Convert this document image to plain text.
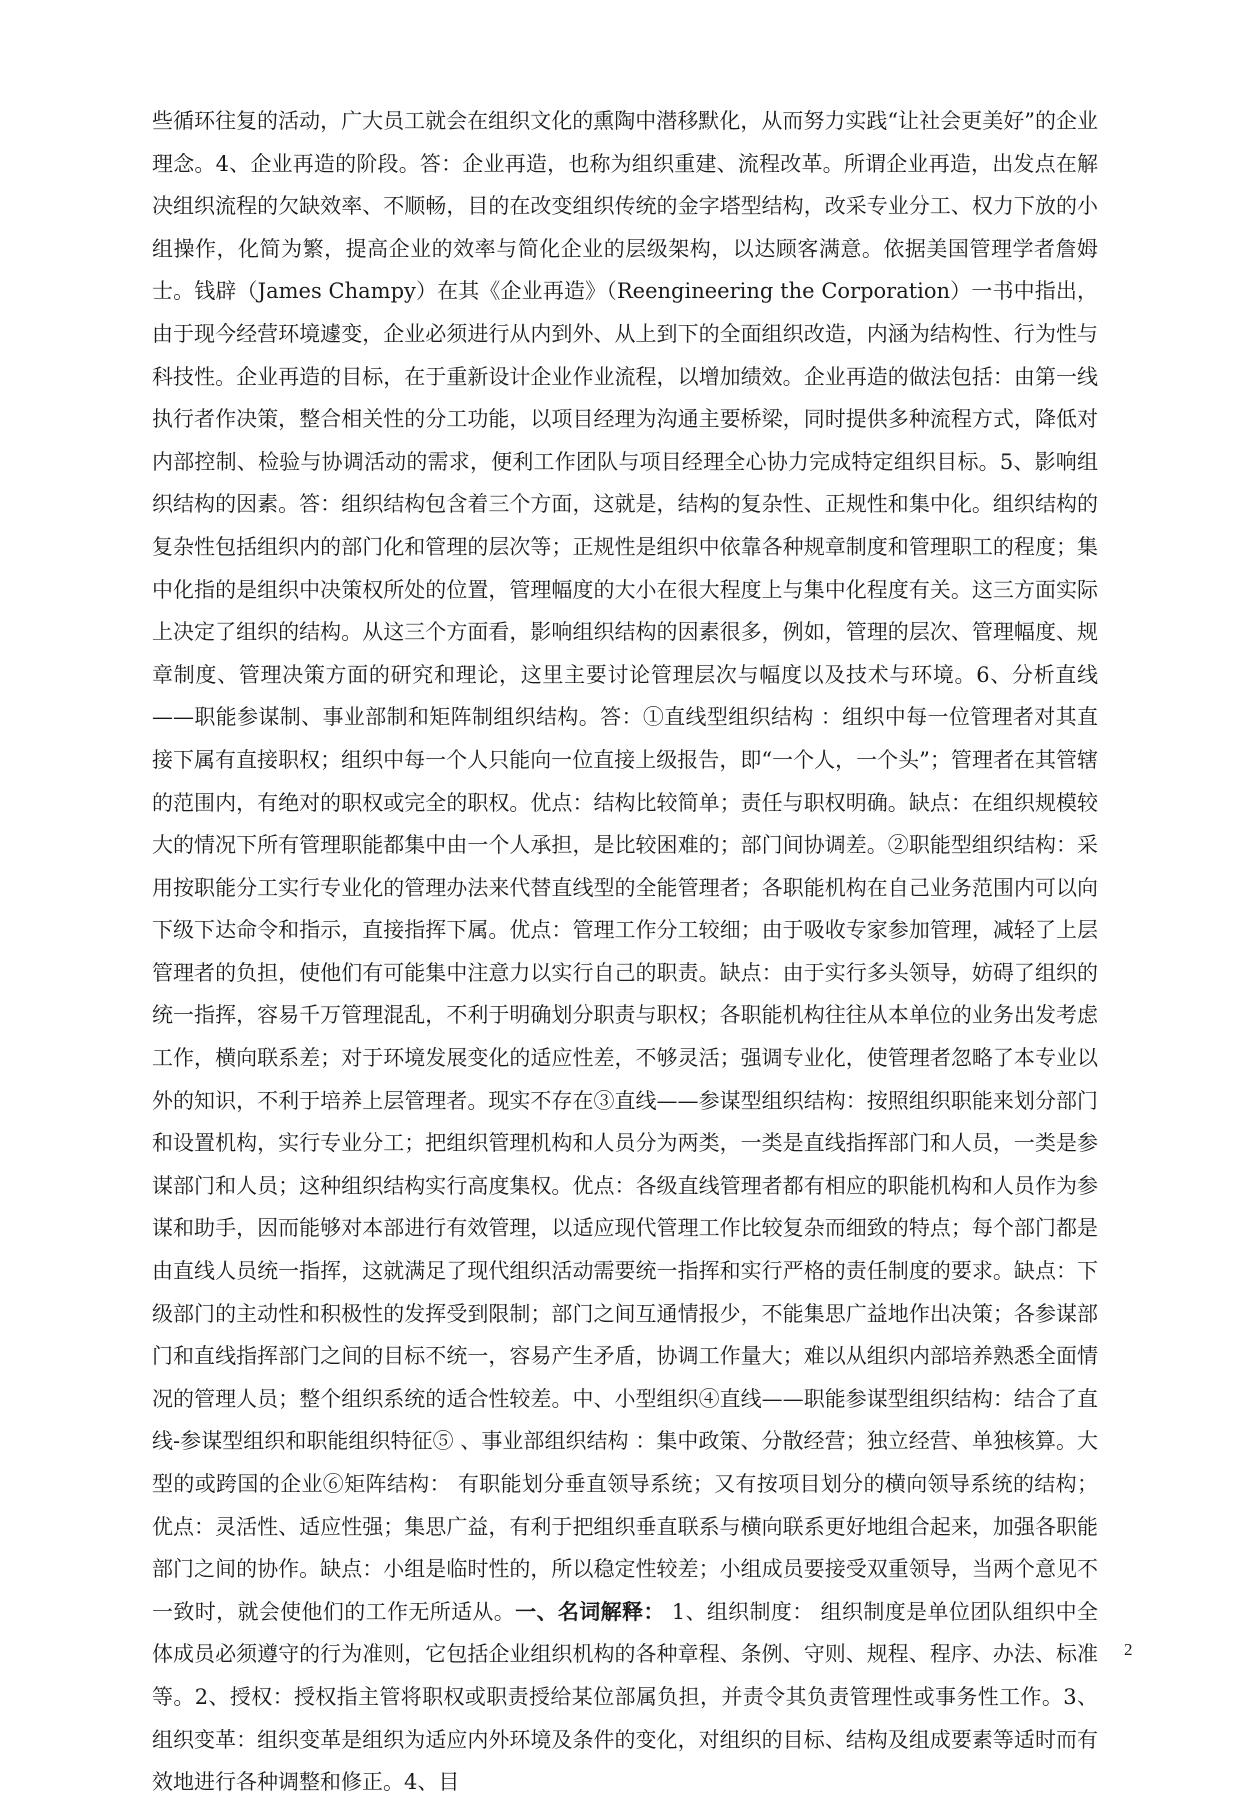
些循环往复的活动，广大员工就会在组织文化的熏陶中潜移默化，从而努力实践“让社会更美好”的企业理念。4、企业再造的阶段。答：企业再造，也称为组织重建、流程改革。所谓企业再造，出发点在解决组织流程的欠缺效率、不顺畅，目的在改变组织传统的金字塔型结构，改采专业分工、权力下放的小组操作，化简为繁，提高企业的效率与简化企业的层级架构，以达顾客满意。依据美国管理学者詹姆士。钱辟（James Champy）在其《企业再造》（Reengineering the Corporation）一书中指出，由于现今经营环境遽变，企业必须进行从内到外、从上到下的全面组织改造，内涵为结构性、行为性与科技性。企业再造的目标，在于重新设计企业作业流程，以增加绩效。企业再造的做法包括：由第一线执行者作决策，整合相关性的分工功能，以项目经理为沟通主要桥梁，同时提供多种流程方式，降低对内部控制、检验与协调活动的需求，便利工作团队与项目经理全心协力完成特定组织目标。5、影响组织结构的因素。答：组织结构包含着三个方面，这就是，结构的复杂性、正规性和集中化。组织结构的复杂性包括组织内的部门化和管理的层次等；正规性是组织中依靠各种规章制度和管理职工的程度；集中化指的是组织中决策权所处的位置，管理幅度的大小在很大程度上与集中化程度有关。这三方面实际上决定了组织的结构。从这三个方面看，影响组织结构的因素很多，例如，管理的层次、管理幅度、规章制度、管理决策方面的研究和理论，这里主要讨论管理层次与幅度以及技术与环境。6、分析直线——职能参谋制、事业部制和矩阵制组织结构。答：①直线型组织结构 ：组织中每一位管理者对其直接下属有直接职权；组织中每一个人只能向一位直接上级报告，即“一个人，一个头”；管理者在其管辖的范围内，有绝对的职权或完全的职权。优点：结构比较简单；责任与职权明确。缺点：在组织规模较大的情况下所有管理职能都集中由一个人承担，是比较困难的；部门间协调差。②职能型组织结构：采用按职能分工实行专业化的管理办法来代替直线型的全能管理者；各职能机构在自己业务范围内可以向下级下达命令和指示，直接指挥下属。优点：管理工作分工较细；由于吸收专家参加管理，减轻了上层管理者的负担，使他们有可能集中注意力以实行自己的职责。缺点：由于实行多头领导，妨碍了组织的统一指挥，容易千万管理混乱，不利于明确划分职责与职权；各职能机构往往从本单位的业务出发考虑工作，横向联系差；对于环境发展变化的适应性差，不够灵活；强调专业化，使管理者忽略了本专业以外的知识，不利于培养上层管理者。现实不存在③直线——参谋型组织结构：按照组织职能来划分部门和设置机构，实行专业分工；把组织管理机构和人员分为两类，一类是直线指挥部门和人员，一类是参谋部门和人员；这种组织结构实行高度集权。优点：各级直线管理者都有相应的职能机构和人员作为参谋和助手，因而能够对本部进行有效管理，以适应现代管理工作比较复杂而细致的特点；每个部门都是由直线人员统一指挥，这就满足了现代组织活动需要统一指挥和实行严格的责任制度的要求。缺点：下级部门的主动性和积极性的发挥受到限制；部门之间互通情报少，不能集思广益地作出决策；各参谋部门和直线指挥部门之间的目标不统一，容易产生矛盾，协调工作量大；难以从组织内部培养熟悉全面情况的管理人员；整个组织系统的适合性较差。中、小型组织④直线——职能参谋型组织结构：结合了直线-参谋型组织和职能组织特征⑤ 、事业部组织结构 ：集中政策、分散经营；独立经营、单独核算。大型的或跨国的企业⑥矩阵结构： 有职能划分垂直领导系统；又有按项目划分的横向领导系统的结构； 优点：灵活性、适应性强；集思广益，有利于把组织垂直联系与横向联系更好地组合起来，加强各职能部门之间的协作。缺点：小组是临时性的，所以稳定性较差；小组成员要接受双重领导，当两个意见不一致时，就会使他们的工作无所适从。一、名词解释： 1、组织制度： 组织制度是单位团队组织中全体成员必须遵守的行为准则，它包括企业组织机构的各种章程、条例、守则、规程、程序、办法、标准等。2、授权：授权指主管将职权或职责授给某位部属负担，并责令其负责管理性或事务性工作。3、组织变革：组织变革是组织为适应内外环境及条件的变化，对组织的目标、结构及组成要素等适时而有效地进行各种调整和修正。4、目

2
